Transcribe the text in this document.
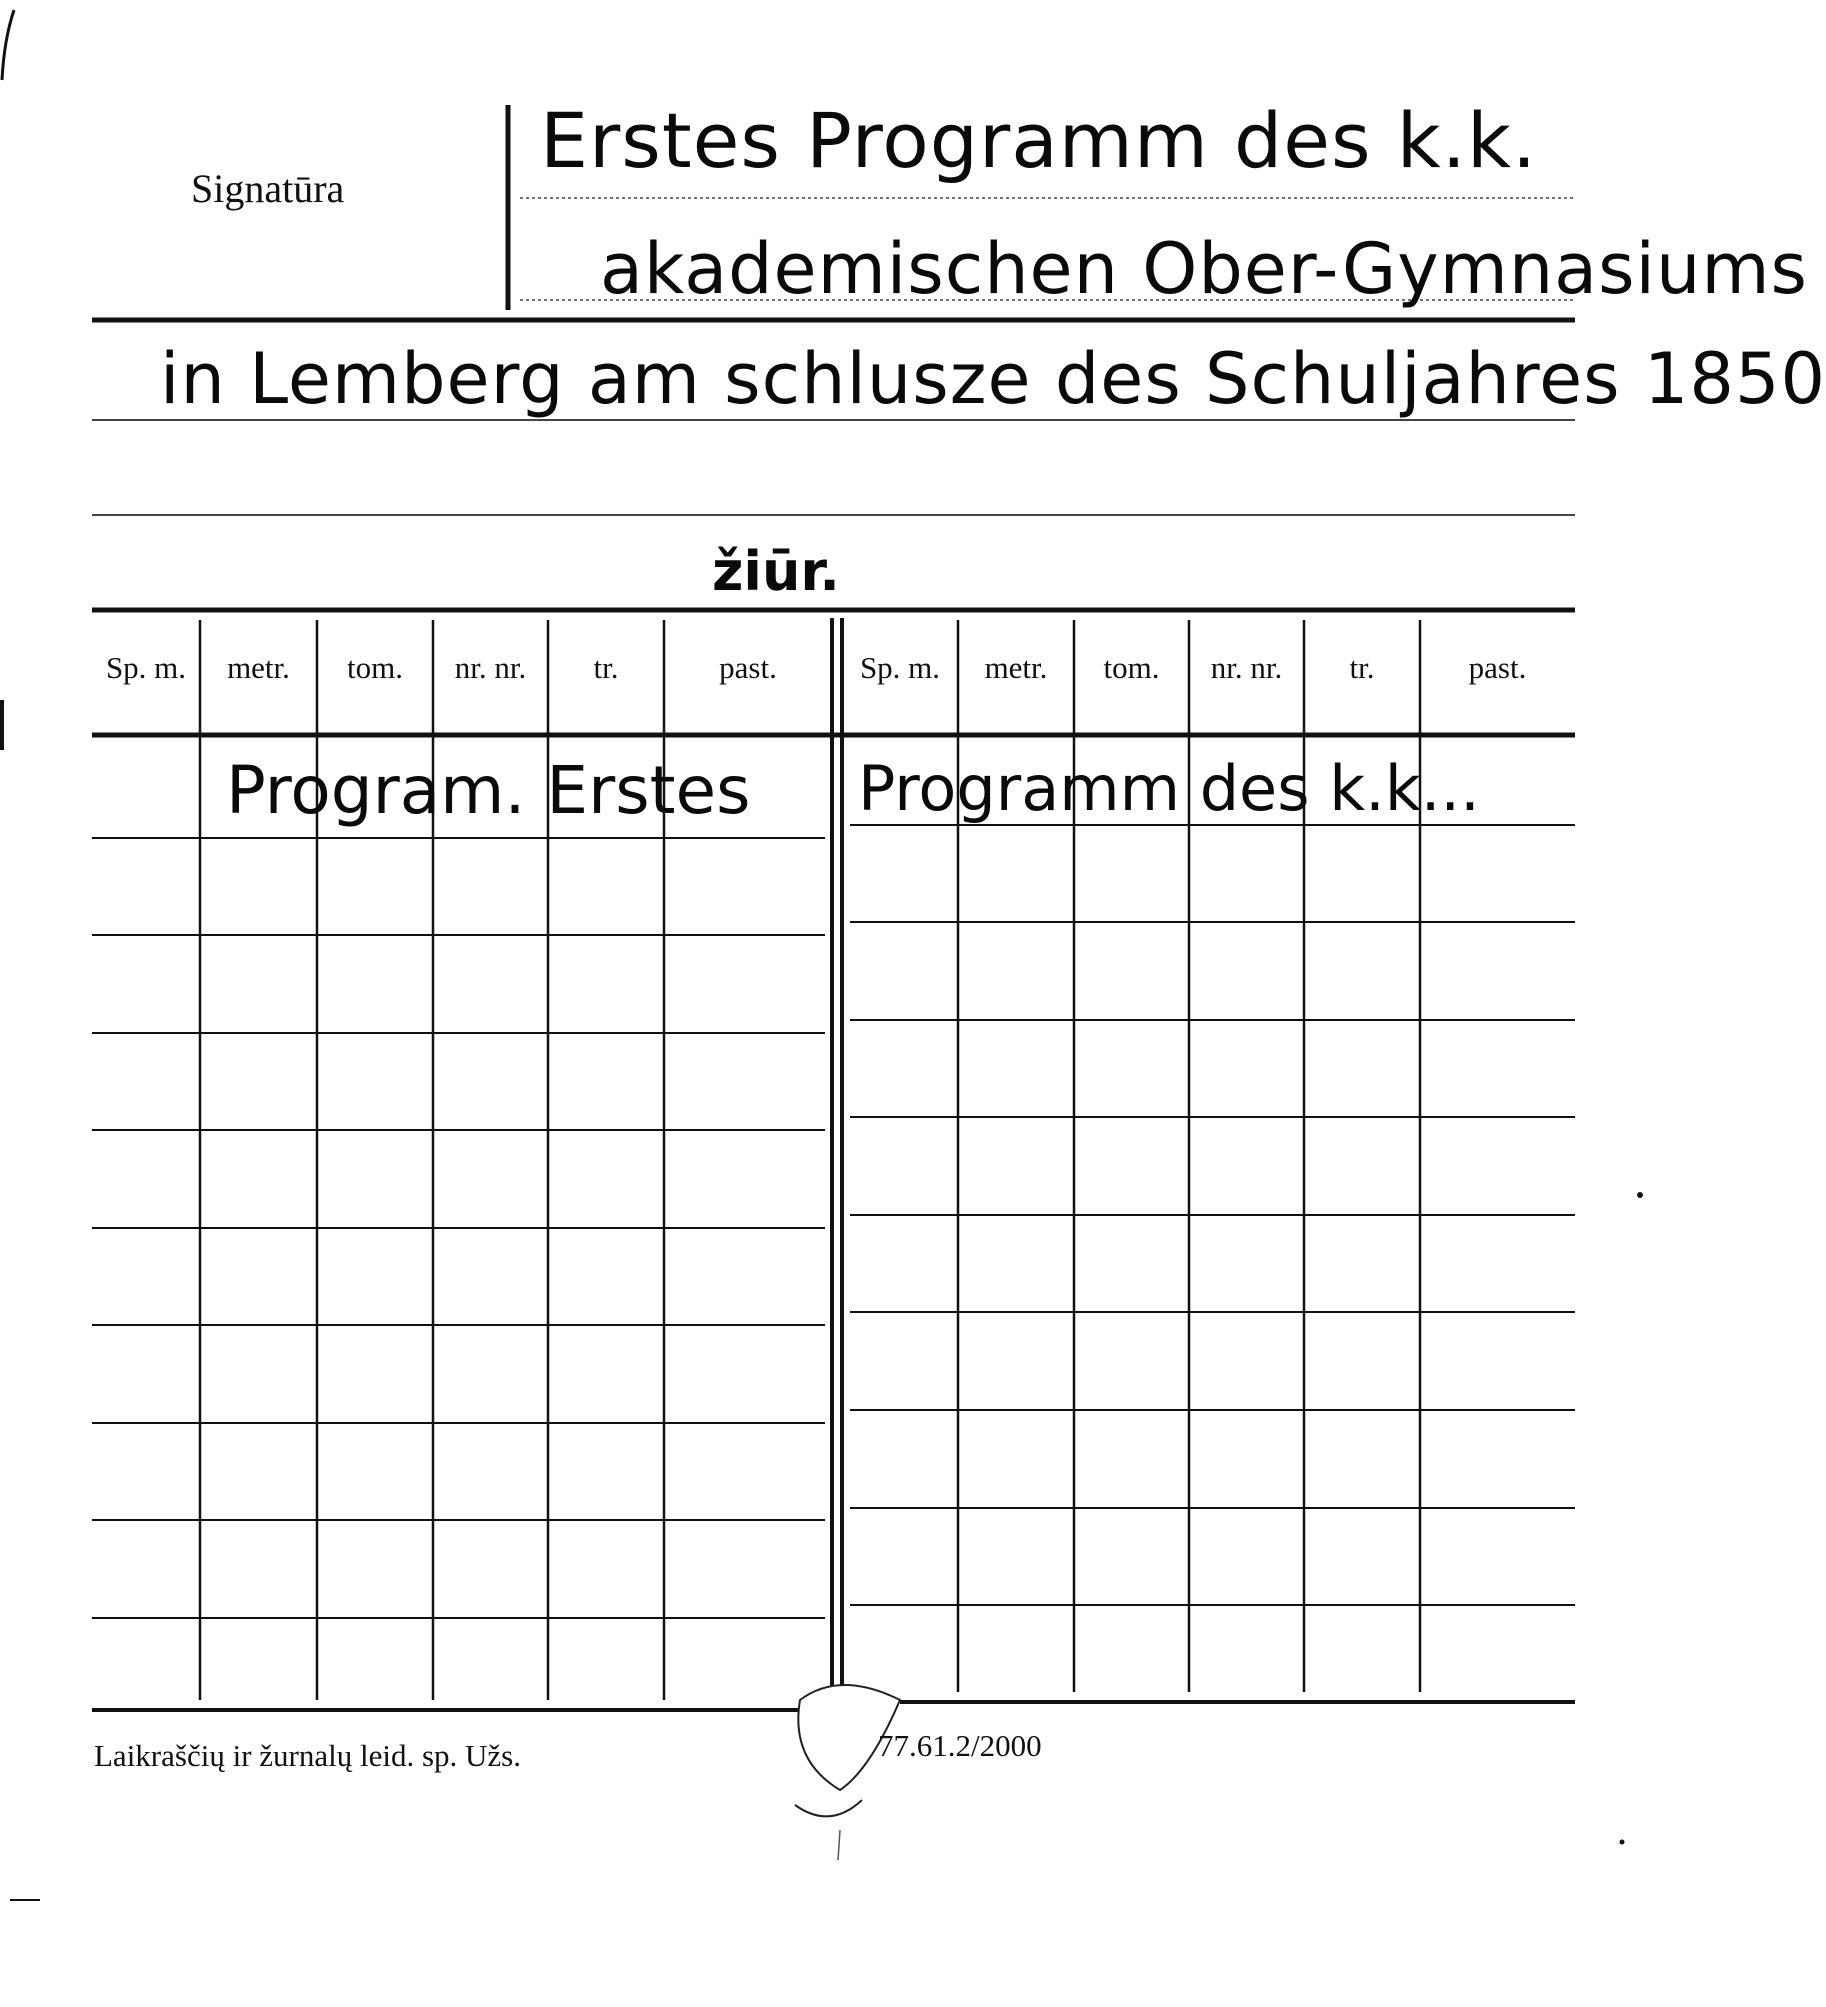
Signatūra
Erstes Programm des k.k.
akademischen Ober-Gymnasiums
in Lemberg am schlusze des Schuljahres 1850
žiūr.
Sp. m.	metr.	tom.	nr. nr.	tr.	past.	Sp. m.	metr.	tom.	nr. nr.	tr.	past.
Program. Erstes Programm des k.k...
Laikraščių ir žurnalų leid. sp. Užs.	77.61.2/2000
